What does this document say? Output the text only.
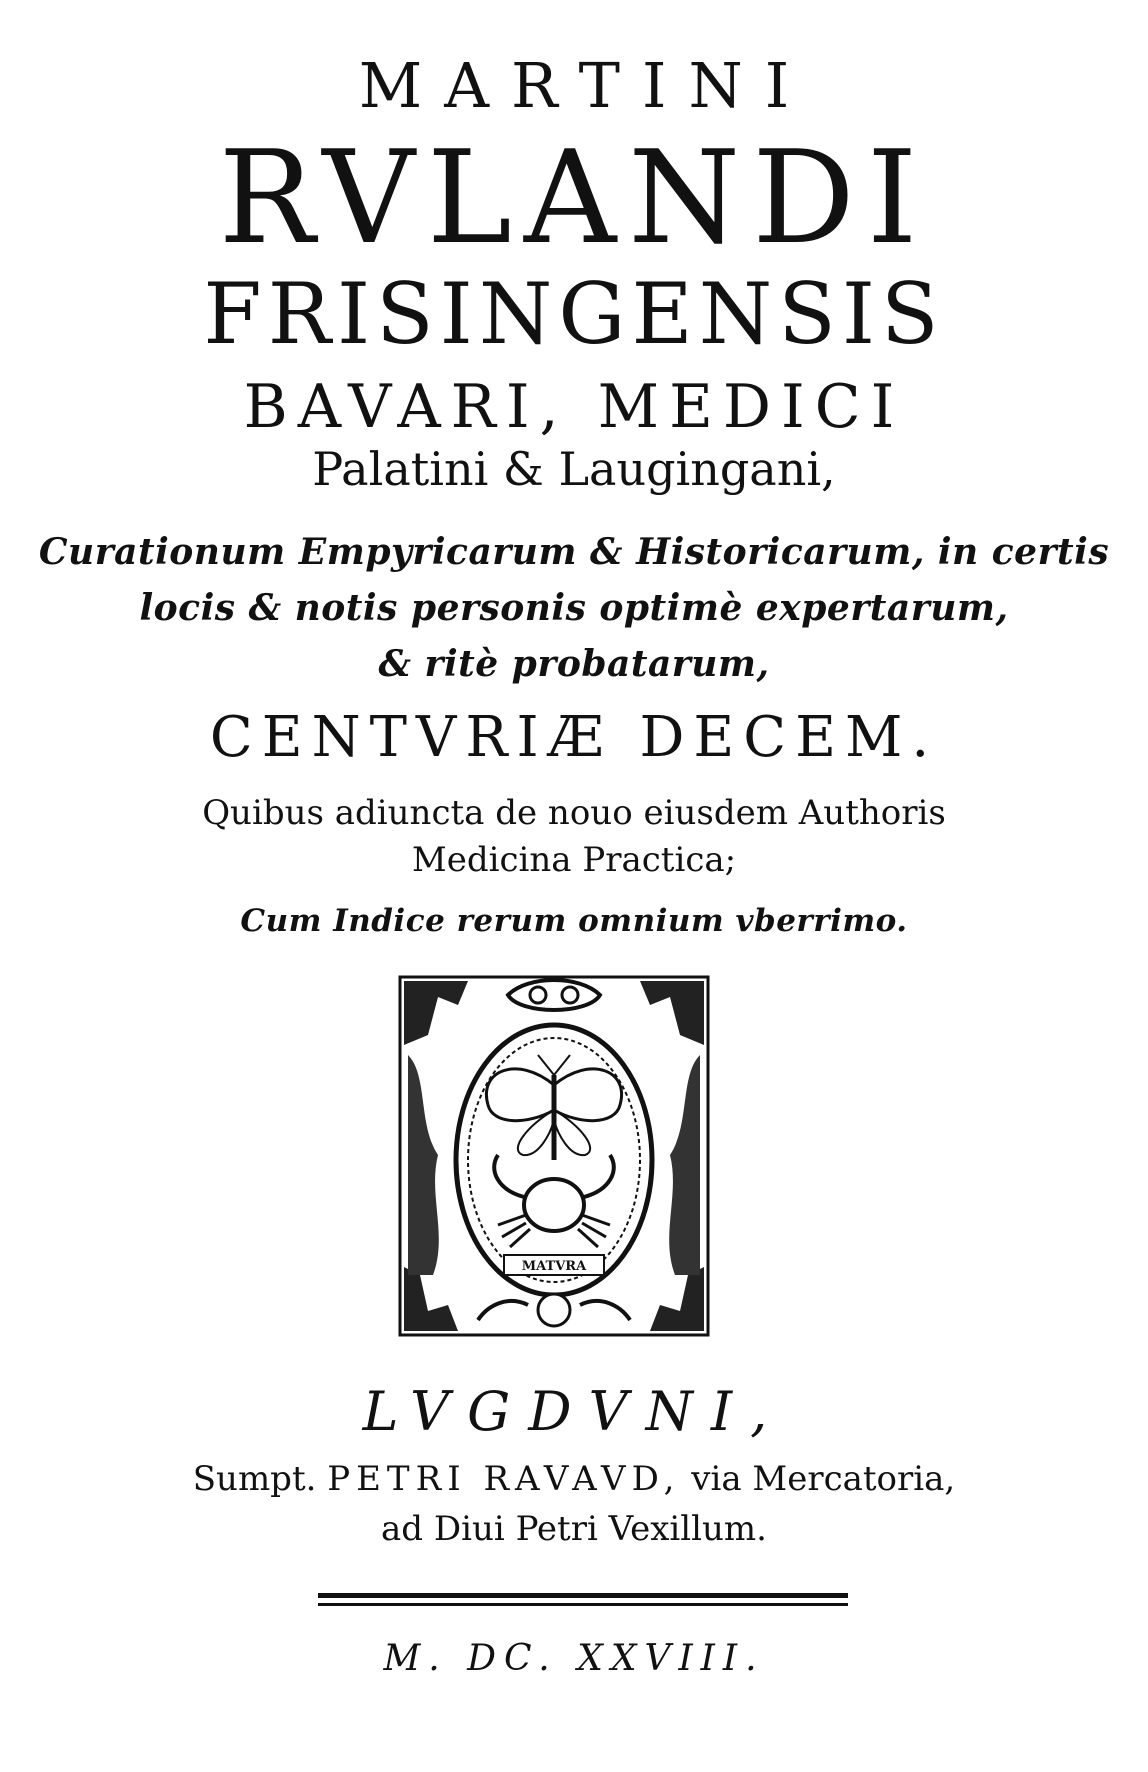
MARTINI
RVLANDI
FRISINGENSIS
BAVARI, MEDICI
Palatini & Laugingani,
Curationum Empyricarum & Historicarum, in certis
locis & notis personis optimè expertarum,
& ritè probatarum,
CENTVRIÆ DECEM.
Quibus adiuncta de nouo eiusdem Authoris
Medicina Practica;
Cum Indice rerum omnium vberrimo.
MATVRA
LVGDVNI,
Sumpt. PETRI RAVAVD, via Mercatoria,
ad Diui Petri Vexillum.
M. DC. XXVIII.
